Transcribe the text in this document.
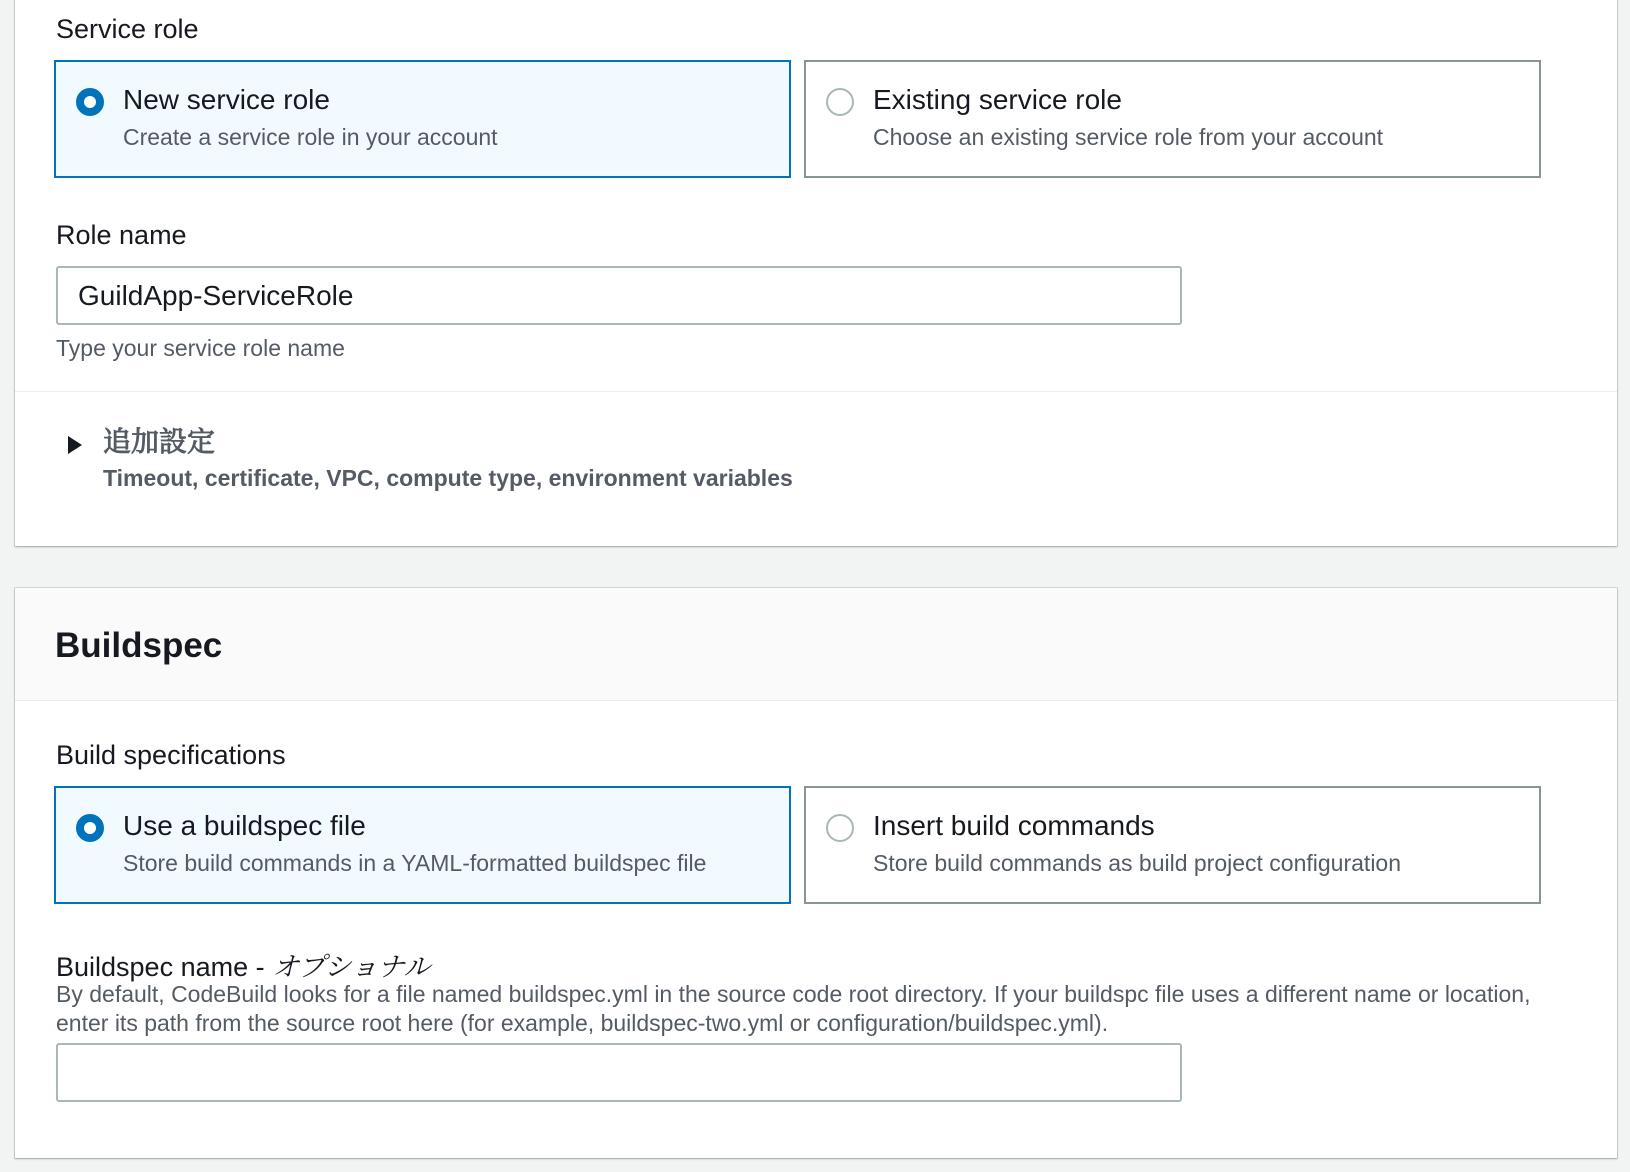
Service role
New service role
Create a service role in your account
Existing service role
Choose an existing service role from your account
Role name
GuildApp-ServiceRole
Type your service role name
追加設定
Timeout, certificate, VPC, compute type, environment variables
Buildspec
Build specifications
Use a buildspec file
Store build commands in a YAML-formatted buildspec file
Insert build commands
Store build commands as build project configuration
Buildspec name - オプショナル
By default, CodeBuild looks for a file named buildspec.yml in the source code root directory. If your buildspc file uses a different name or location, enter its path from the source root here (for example, buildspec-two.yml or configuration/buildspec.yml).
